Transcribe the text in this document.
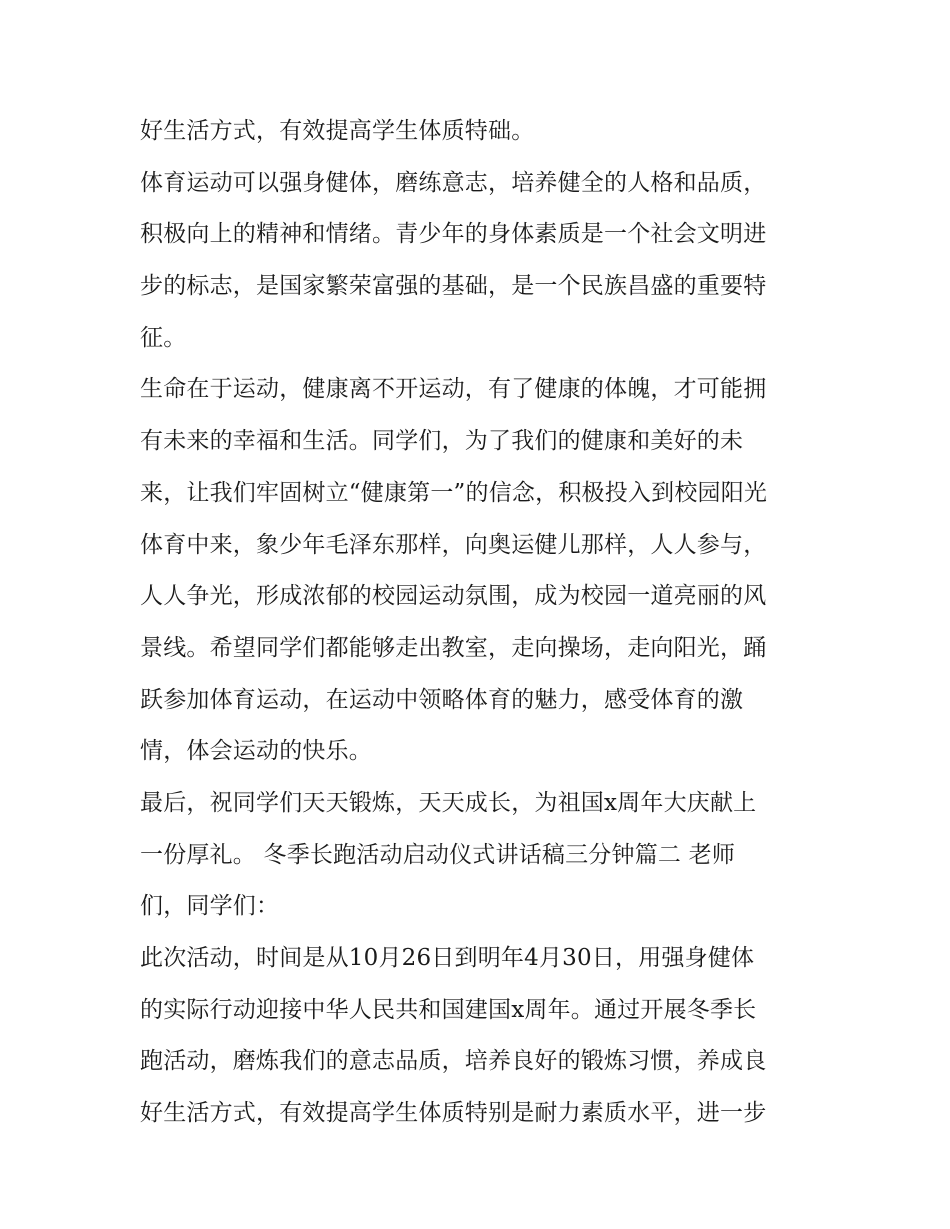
好生活方式，有效提高学生体质特础。
体育运动可以强身健体，磨练意志，培养健全的人格和品质，
积极向上的精神和情绪。青少年的身体素质是一个社会文明进
步的标志，是国家繁荣富强的基础，是一个民族昌盛的重要特
征。
生命在于运动，健康离不开运动，有了健康的体魄，才可能拥
有未来的幸福和生活。同学们，为了我们的健康和美好的未
来，让我们牢固树立“健康第一”的信念，积极投入到校园阳光
体育中来，象少年毛泽东那样，向奥运健儿那样，人人参与，
人人争光，形成浓郁的校园运动氛围，成为校园一道亮丽的风
景线。希望同学们都能够走出教室，走向操场，走向阳光，踊
跃参加体育运动，在运动中领略体育的魅力，感受体育的激
情，体会运动的快乐。
最后，祝同学们天天锻炼，天天成长，为祖国x周年大庆献上
一份厚礼。 冬季长跑活动启动仪式讲话稿三分钟篇二 老师
们，同学们：
此次活动，时间是从10月26日到明年4月30日，用强身健体
的实际行动迎接中华人民共和国建国x周年。通过开展冬季长
跑活动，磨炼我们的意志品质，培养良好的锻炼习惯，养成良
好生活方式，有效提高学生体质特别是耐力素质水平，进一步
